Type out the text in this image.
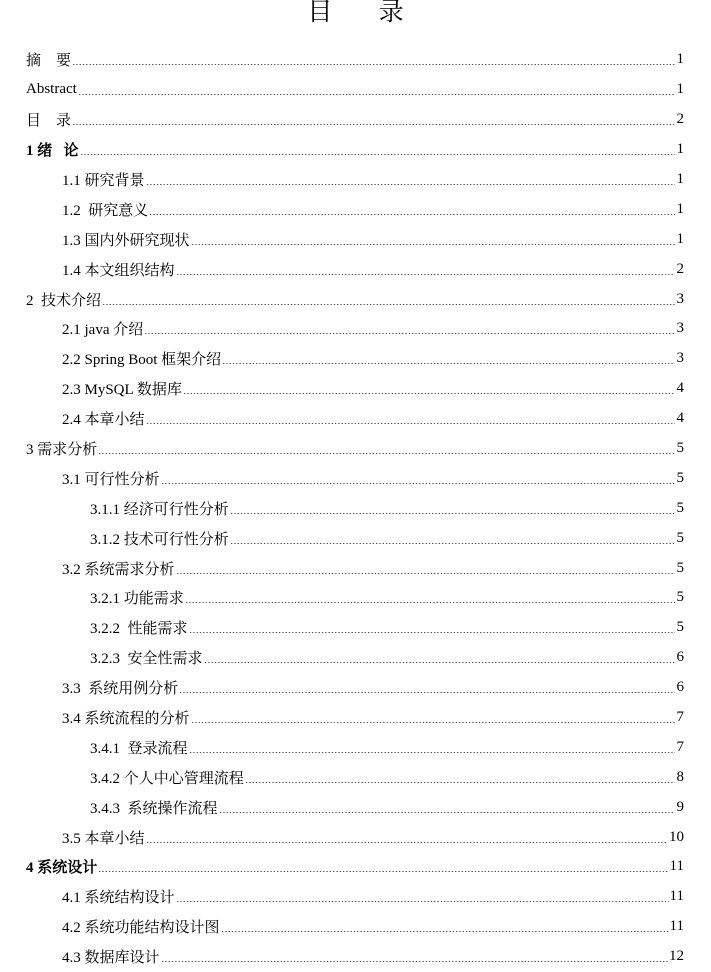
目 录
摘    要	1
Abstract	1
目    录	2
1 绪   论	1
1.1 研究背景	1
1.2  研究意义	1
1.3 国内外研究现状	1
1.4 本文组织结构	2
2  技术介绍	3
2.1 java 介绍	3
2.2 Spring Boot 框架介绍	3
2.3 MySQL 数据库	4
2.4 本章小结	4
3 需求分析	5
3.1 可行性分析	5
3.1.1 经济可行性分析	5
3.1.2 技术可行性分析	5
3.2 系统需求分析	5
3.2.1 功能需求	5
3.2.2  性能需求	5
3.2.3  安全性需求	6
3.3  系统用例分析	6
3.4 系统流程的分析	7
3.4.1  登录流程	7
3.4.2 个人中心管理流程	8
3.4.3  系统操作流程	9
3.5 本章小结	10
4 系统设计	11
4.1 系统结构设计	11
4.2 系统功能结构设计图	11
4.3 数据库设计	12
